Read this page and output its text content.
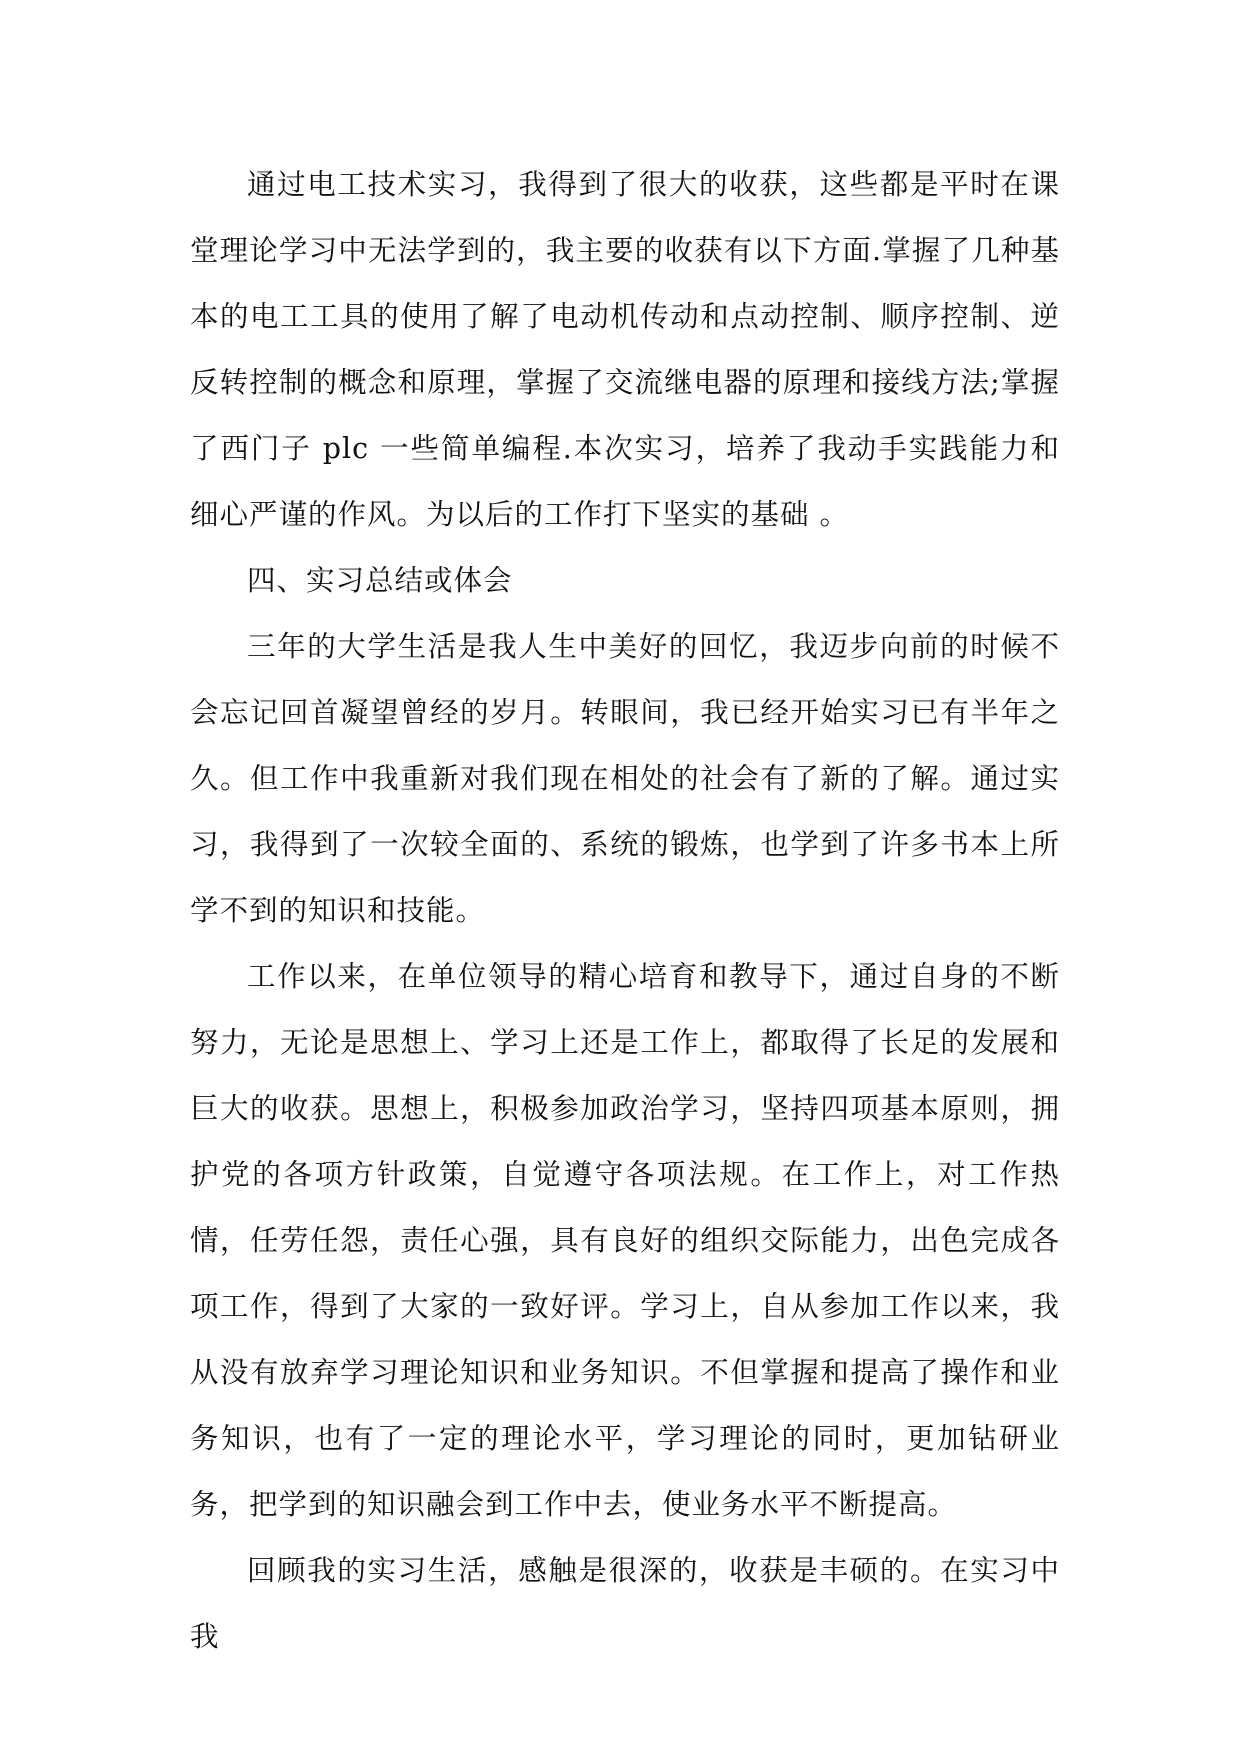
通过电工技术实习，我得到了很大的收获，这些都是平时在课堂理论学习中无法学到的，我主要的收获有以下方面.掌握了几种基本的电工工具的使用了解了电动机传动和点动控制、顺序控制、逆反转控制的概念和原理，掌握了交流继电器的原理和接线方法;掌握了西门子 plc 一些简单编程.本次实习，培养了我动手实践能力和细心严谨的作风。为以后的工作打下坚实的基础 。

四、实习总结或体会

三年的大学生活是我人生中美好的回忆，我迈步向前的时候不会忘记回首凝望曾经的岁月。转眼间，我已经开始实习已有半年之久。但工作中我重新对我们现在相处的社会有了新的了解。通过实习，我得到了一次较全面的、系统的锻炼，也学到了许多书本上所学不到的知识和技能。

工作以来，在单位领导的精心培育和教导下，通过自身的不断努力，无论是思想上、学习上还是工作上，都取得了长足的发展和巨大的收获。思想上，积极参加政治学习，坚持四项基本原则，拥护党的各项方针政策，自觉遵守各项法规。在工作上，对工作热情，任劳任怨，责任心强，具有良好的组织交际能力，出色完成各项工作，得到了大家的一致好评。学习上，自从参加工作以来，我从没有放弃学习理论知识和业务知识。不但掌握和提高了操作和业务知识，也有了一定的理论水平，学习理论的同时，更加钻研业务，把学到的知识融会到工作中去，使业务水平不断提高。

回顾我的实习生活，感触是很深的，收获是丰硕的。在实习中我
